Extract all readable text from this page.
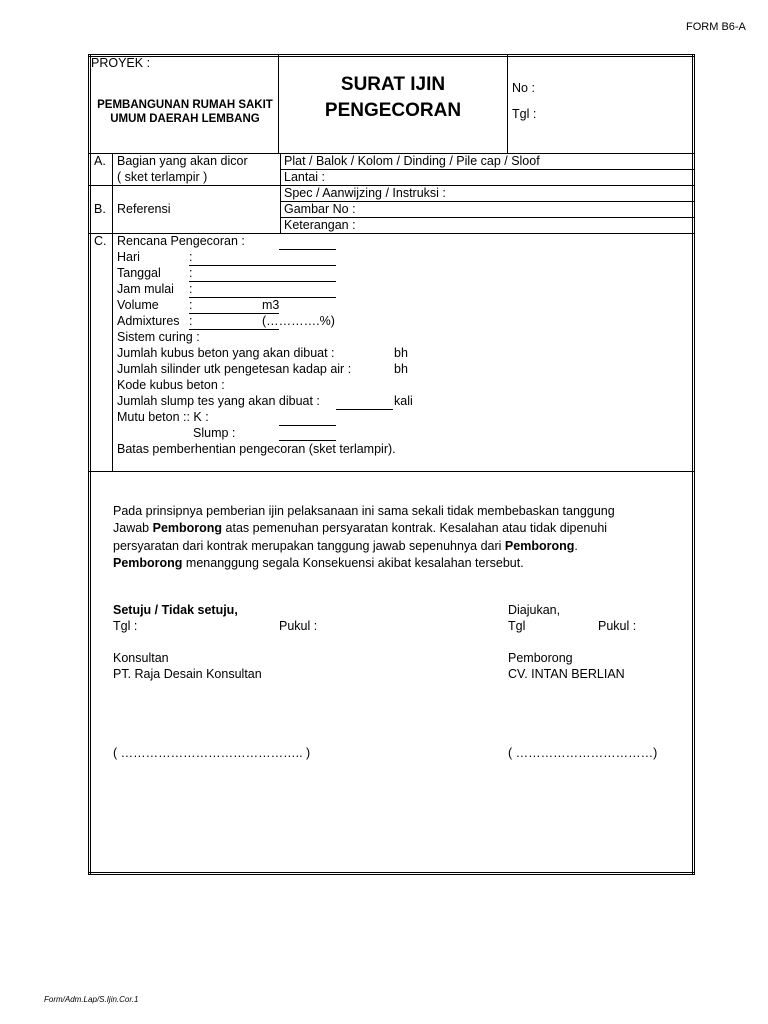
FORM B6-A
PROYEK :
PEMBANGUNAN RUMAH SAKIT
UMUM DAERAH LEMBANG
SURAT IJIN
PENGECORAN
No :
Tgl :
A. Bagian yang akan dicor
( sket terlampir )
Plat / Balok / Kolom / Dinding / Pile cap / Sloof
Lantai :
B. Referensi
Spec / Aanwijzing / Instruksi :
Gambar No :
Keterangan :
C. Rencana Pengecoran :
Hari	:
Tanggal :
Jam mulai :
Volume :	m3
Admixtures :	(………….%)
Sistem curing :
Jumlah kubus beton yang akan dibuat :	bh
Jumlah silinder utk pengetesan kadap air :	bh
Kode kubus beton :
Jumlah slump tes yang akan dibuat :	kali
Mutu beton :: K :
Slump :
Batas pemberhentian pengecoran (sket terlampir).
Pada prinsipnya pemberian ijin pelaksanaan ini sama sekali tidak membebaskan tanggung
Jawab Pemborong atas pemenuhan persyaratan kontrak. Kesalahan atau tidak dipenuhi
persyaratan dari kontrak merupakan tanggung jawab sepenuhnya dari Pemborong.
Pemborong menanggung segala Konsekuensi akibat kesalahan tersebut.
Setuju / Tidak setuju,
Tgl :	Pukul :
Konsultan
PT. Raja Desain Konsultan
( …………………………………….. )
Diajukan,
Tgl	Pukul :
Pemborong
CV. INTAN BERLIAN
( ……………………………)
Form/Adm.Lap/S.Ijin.Cor.1
